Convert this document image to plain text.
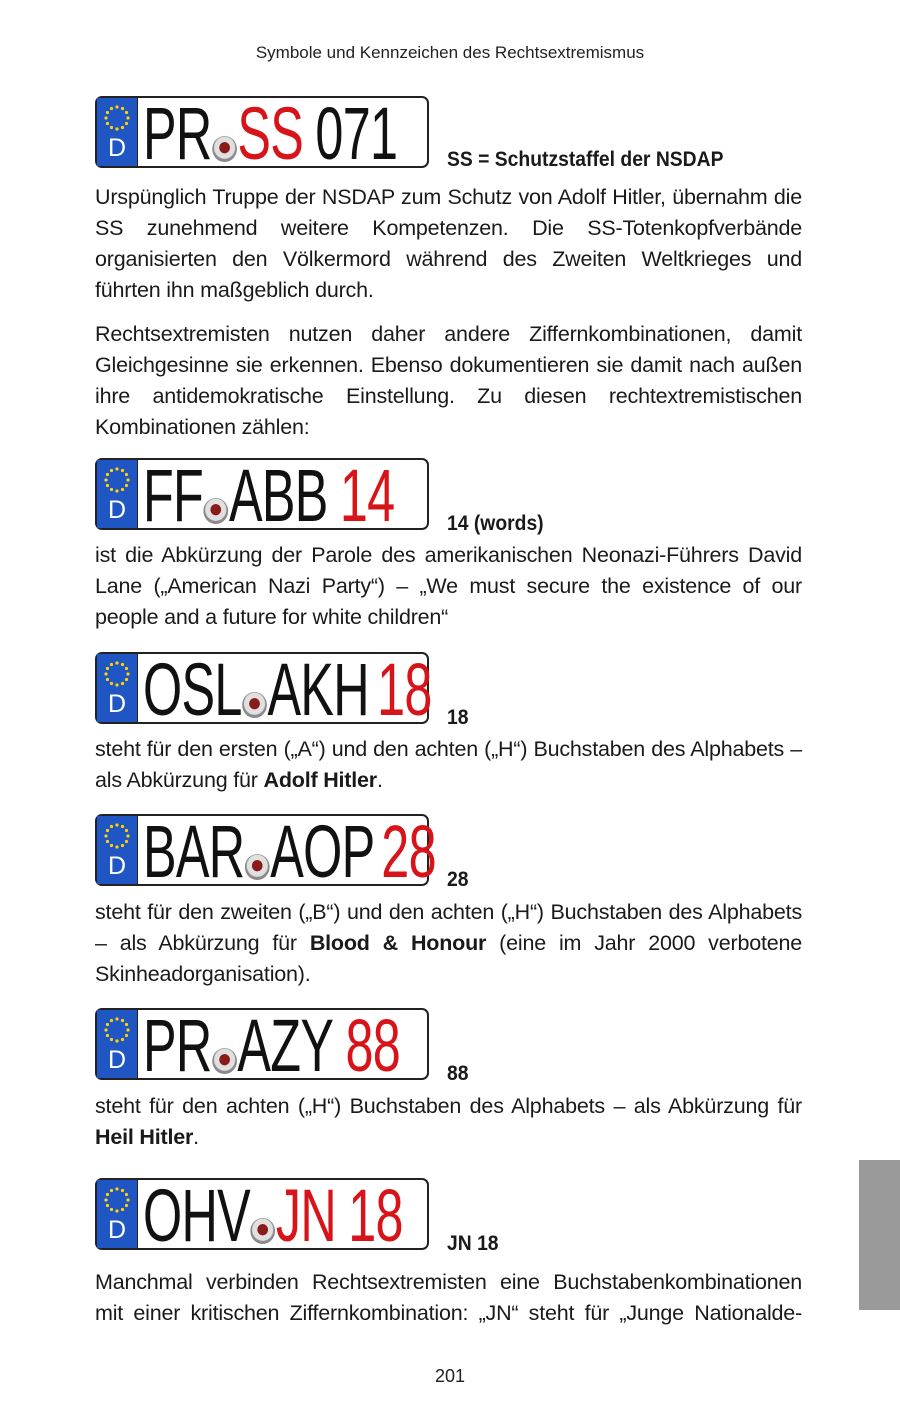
Symbole und Kennzeichen des Rechtsextremismus
D PR SS 071 SS = Schutzstaffel der NSDAP

Urspünglich Truppe der NSDAP zum Schutz von Adolf Hitler, übernahm die SS zunehmend weitere Kompetenzen. Die SS-Totenkopfverbände organisierten den Völkermord während des Zweiten Weltkrieges und führten ihn maßgeblich durch.

Rechtsextremisten nutzen daher andere Ziffernkombinationen, damit Gleichgesinne sie erkennen. Ebenso dokumentieren sie damit nach außen ihre antidemokratische Einstellung. Zu diesen rechtextremistischen Kombinationen zählen:

D FF ABB 14	14 (words)

ist die Abkürzung der Parole des amerikanischen Neonazi-Führers David Lane („American Nazi Party“) – „We must secure the existence of our people and a future for white children“

D OSL AKH 18 18

steht für den ersten („A“) und den achten („H“) Buchstaben des Alphabets – als Abkürzung für Adolf Hitler.

D BAR AOP 28 28

steht für den zweiten („B“) und den achten („H“) Buchstaben des Alphabets – als Abkürzung für Blood & Honour (eine im Jahr 2000 verbotene Skinheadorganisation).

D PR AZY 88 88

steht für den achten („H“) Buchstaben des Alphabets – als Abkürzung für Heil Hitler.

D OHV JN 18 JN 18

Manchmal verbinden Rechtsextremisten eine Buchstabenkombinationen mit einer kritischen Ziffernkombination: „JN“ steht für „Junge Nationalde-

201
